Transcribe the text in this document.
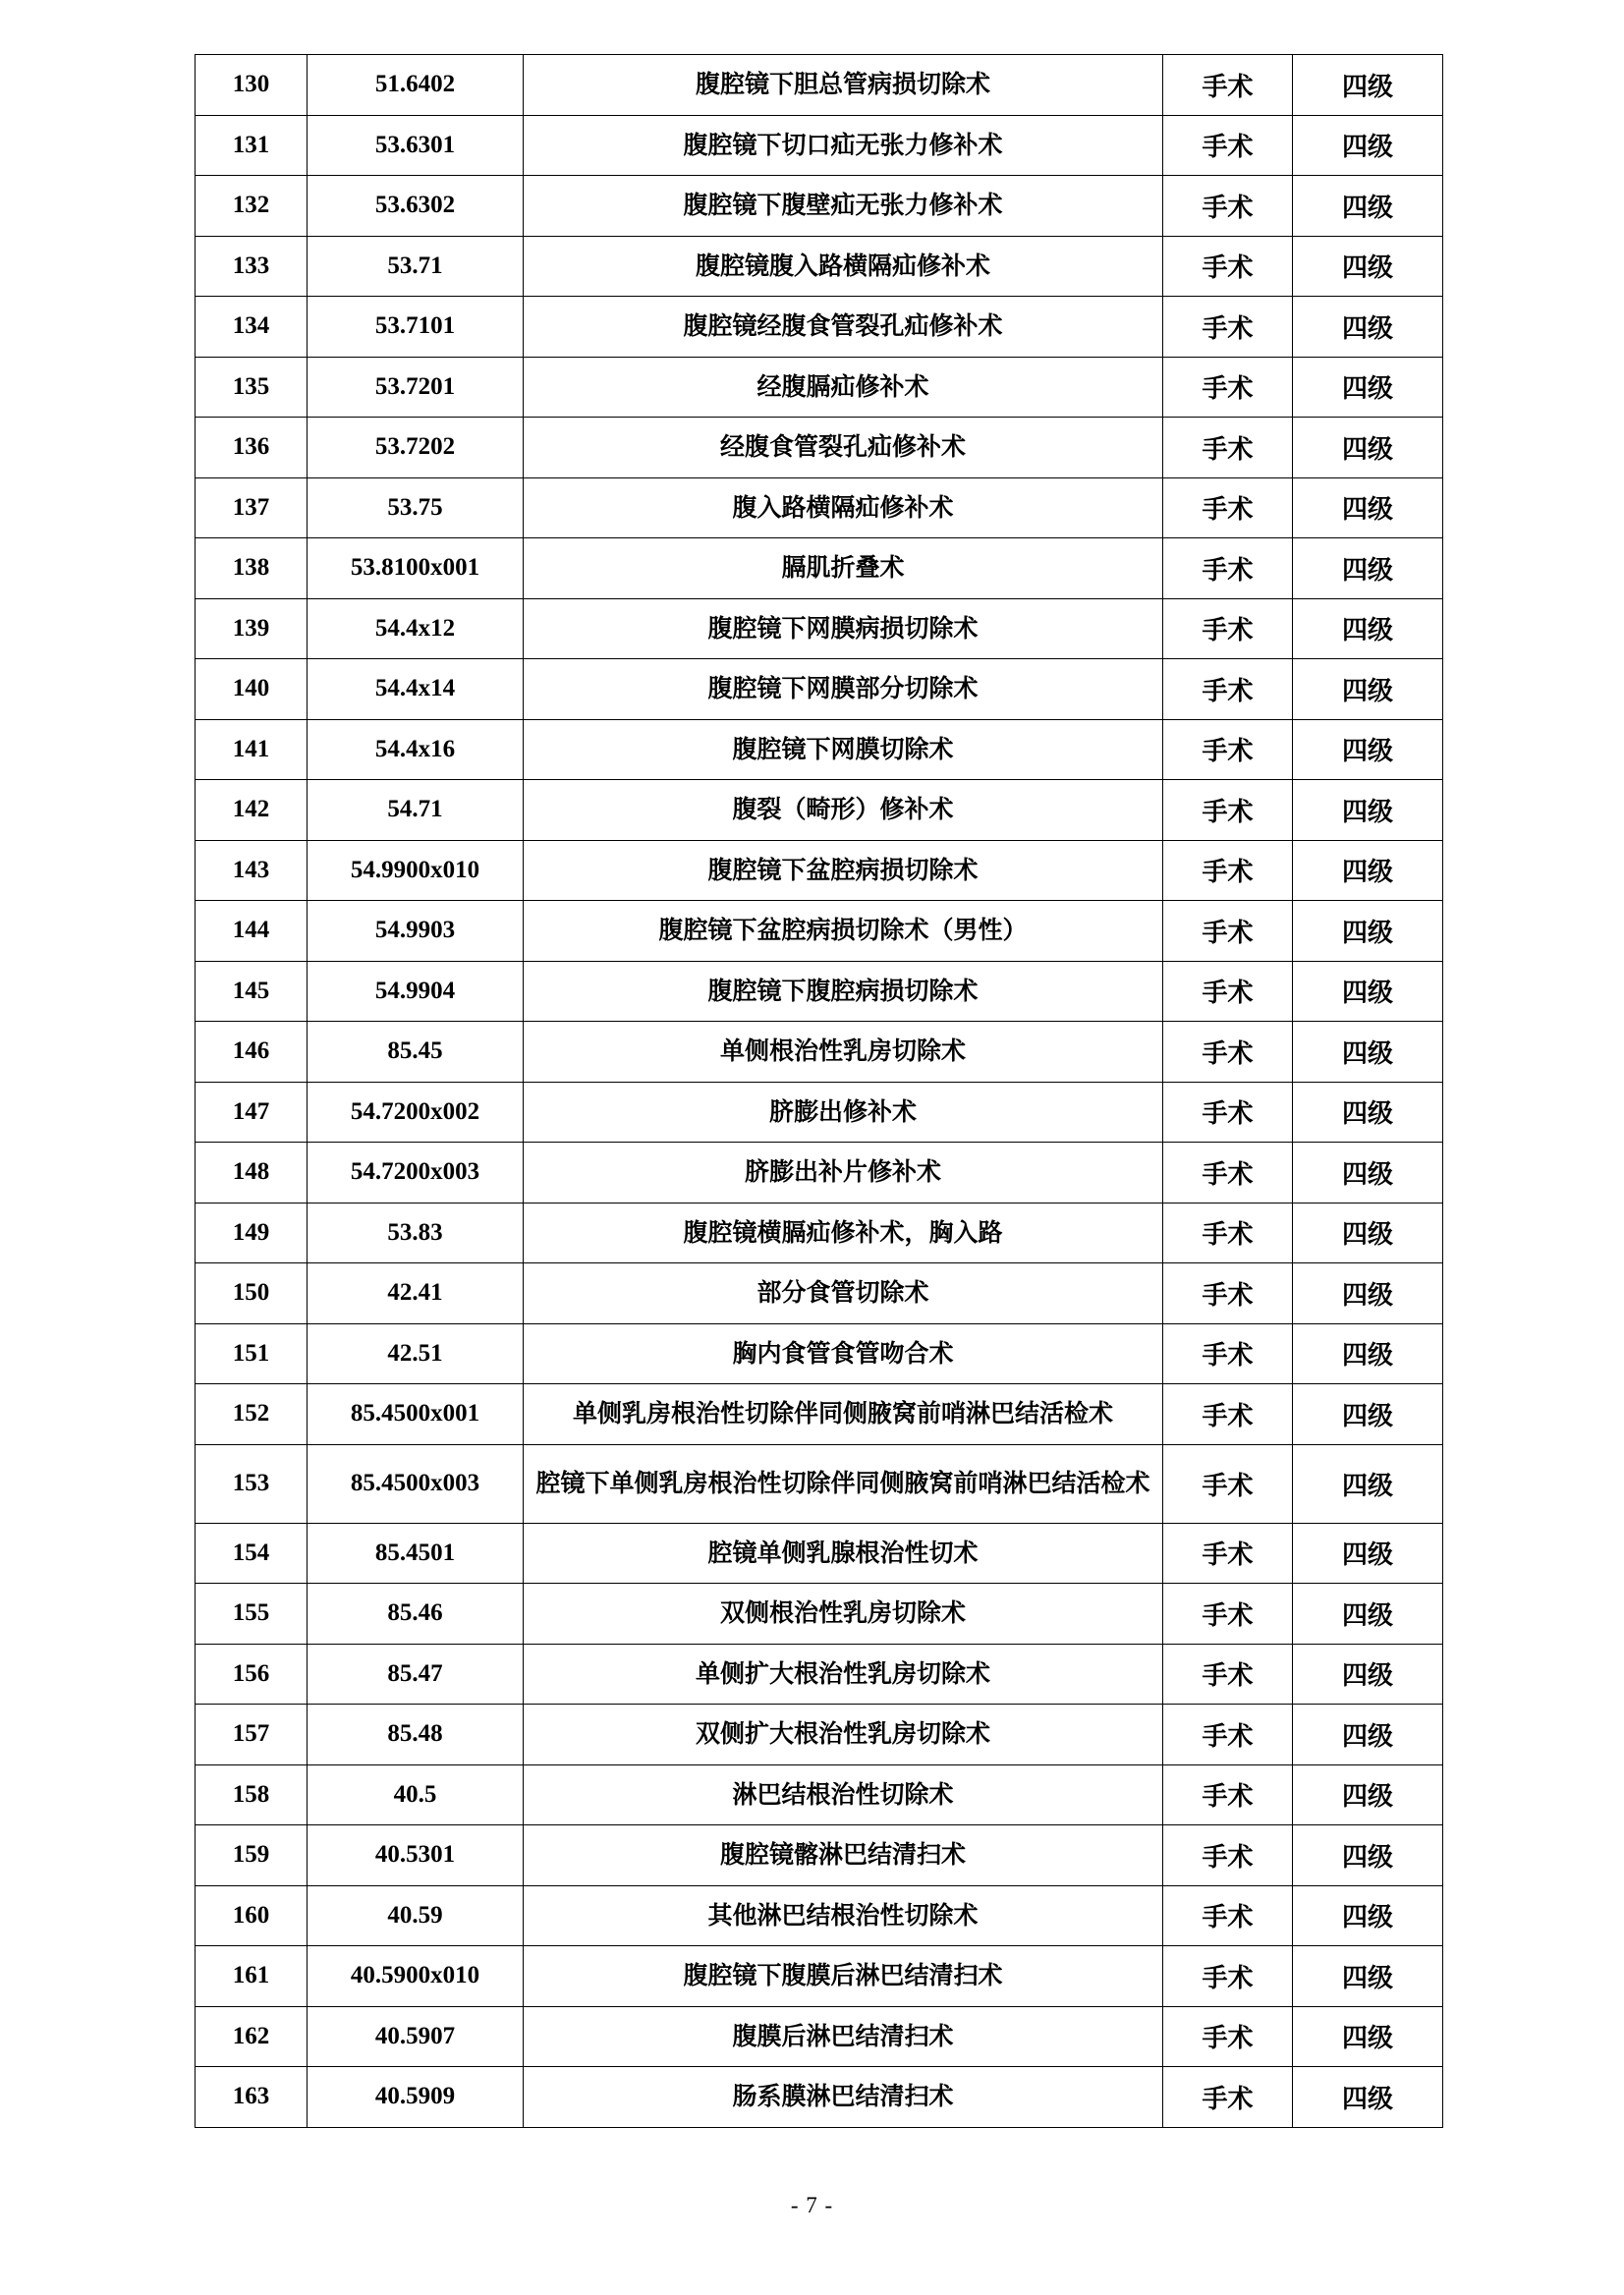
130	51.6402	腹腔镜下胆总管病损切除术	手术	四级
131	53.6301	腹腔镜下切口疝无张力修补术	手术	四级
132	53.6302	腹腔镜下腹壁疝无张力修补术	手术	四级
133	53.71	腹腔镜腹入路横隔疝修补术	手术	四级
134	53.7101	腹腔镜经腹食管裂孔疝修补术	手术	四级
135	53.7201	经腹膈疝修补术	手术	四级
136	53.7202	经腹食管裂孔疝修补术	手术	四级
137	53.75	腹入路横隔疝修补术	手术	四级
138	53.8100x001	膈肌折叠术	手术	四级
139	54.4x12	腹腔镜下网膜病损切除术	手术	四级
140	54.4x14	腹腔镜下网膜部分切除术	手术	四级
141	54.4x16	腹腔镜下网膜切除术	手术	四级
142	54.71	腹裂（畸形）修补术	手术	四级
143	54.9900x010	腹腔镜下盆腔病损切除术	手术	四级
144	54.9903	腹腔镜下盆腔病损切除术（男性）	手术	四级
145	54.9904	腹腔镜下腹腔病损切除术	手术	四级
146	85.45	单侧根治性乳房切除术	手术	四级
147	54.7200x002	脐膨出修补术	手术	四级
148	54.7200x003	脐膨出补片修补术	手术	四级
149	53.83	腹腔镜横膈疝修补术，胸入路	手术	四级
150	42.41	部分食管切除术	手术	四级
151	42.51	胸内食管食管吻合术	手术	四级
152	85.4500x001	单侧乳房根治性切除伴同侧腋窝前哨淋巴结活检术	手术	四级
153	85.4500x003	腔镜下单侧乳房根治性切除伴同侧腋窝前哨淋巴结活检术	手术	四级
154	85.4501	腔镜单侧乳腺根治性切术	手术	四级
155	85.46	双侧根治性乳房切除术	手术	四级
156	85.47	单侧扩大根治性乳房切除术	手术	四级
157	85.48	双侧扩大根治性乳房切除术	手术	四级
158	40.5	淋巴结根治性切除术	手术	四级
159	40.5301	腹腔镜髂淋巴结清扫术	手术	四级
160	40.59	其他淋巴结根治性切除术	手术	四级
161	40.5900x010	腹腔镜下腹膜后淋巴结清扫术	手术	四级
162	40.5907	腹膜后淋巴结清扫术	手术	四级
163	40.5909	肠系膜淋巴结清扫术	手术	四级
- 7 -
